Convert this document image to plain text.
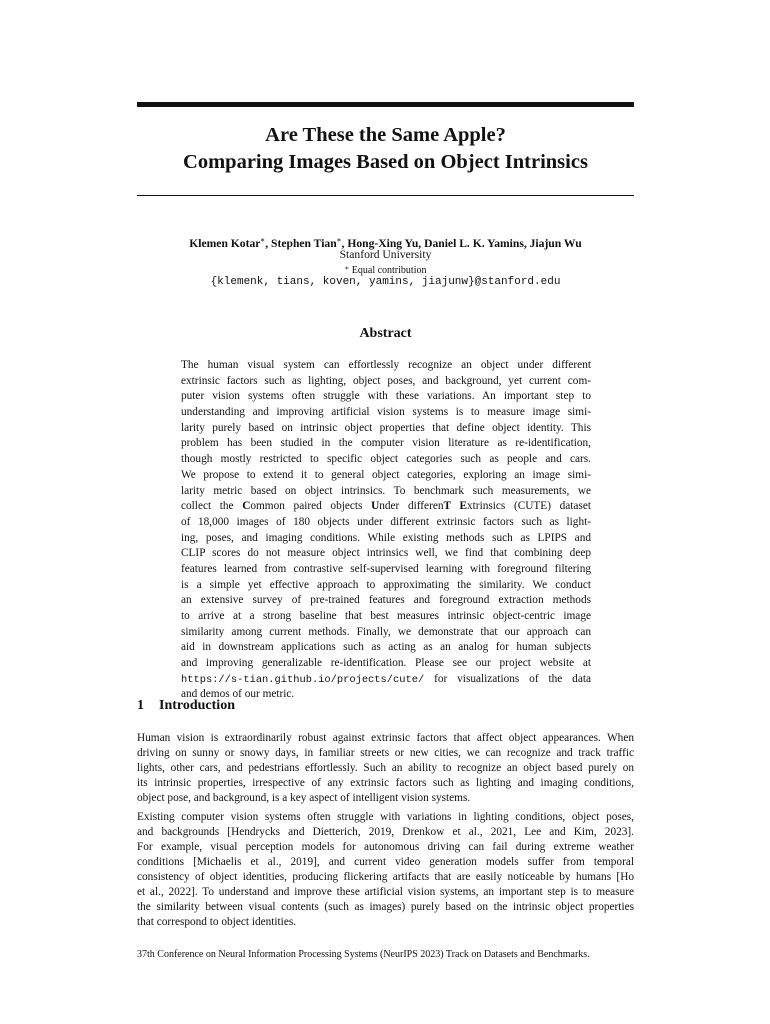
Are These the Same Apple?
Comparing Images Based on Object Intrinsics
Klemen Kotar∗, Stephen Tian∗, Hong-Xing Yu, Daniel L. K. Yamins, Jiajun Wu
Stanford University
∗ Equal contribution
{klemenk, tians, koven, yamins, jiajunw}@stanford.edu
Abstract
The human visual system can effortlessly recognize an object under different
extrinsic factors such as lighting, object poses, and background, yet current com-
puter vision systems often struggle with these variations. An important step to
understanding and improving artificial vision systems is to measure image simi-
larity purely based on intrinsic object properties that define object identity. This
problem has been studied in the computer vision literature as re-identification,
though mostly restricted to specific object categories such as people and cars.
We propose to extend it to general object categories, exploring an image simi-
larity metric based on object intrinsics. To benchmark such measurements, we
collect the Common paired objects Under differenT Extrinsics (CUTE) dataset
of 18,000 images of 180 objects under different extrinsic factors such as light-
ing, poses, and imaging conditions. While existing methods such as LPIPS and
CLIP scores do not measure object intrinsics well, we find that combining deep
features learned from contrastive self-supervised learning with foreground filtering
is a simple yet effective approach to approximating the similarity. We conduct
an extensive survey of pre-trained features and foreground extraction methods
to arrive at a strong baseline that best measures intrinsic object-centric image
similarity among current methods. Finally, we demonstrate that our approach can
aid in downstream applications such as acting as an analog for human subjects
and improving generalizable re-identification. Please see our project website at
https://s-tian.github.io/projects/cute/ for visualizations of the data
and demos of our metric.
1 Introduction
Human vision is extraordinarily robust against extrinsic factors that affect object appearances. When
driving on sunny or snowy days, in familiar streets or new cities, we can recognize and track traffic
lights, other cars, and pedestrians effortlessly. Such an ability to recognize an object based purely on
its intrinsic properties, irrespective of any extrinsic factors such as lighting and imaging conditions,
object pose, and background, is a key aspect of intelligent vision systems.
Existing computer vision systems often struggle with variations in lighting conditions, object poses,
and backgrounds [Hendrycks and Dietterich, 2019, Drenkow et al., 2021, Lee and Kim, 2023].
For example, visual perception models for autonomous driving can fail during extreme weather
conditions [Michaelis et al., 2019], and current video generation models suffer from temporal
consistency of object identities, producing flickering artifacts that are easily noticeable by humans [Ho
et al., 2022]. To understand and improve these artificial vision systems, an important step is to measure
the similarity between visual contents (such as images) purely based on the intrinsic object properties
that correspond to object identities.
37th Conference on Neural Information Processing Systems (NeurIPS 2023) Track on Datasets and Benchmarks.
